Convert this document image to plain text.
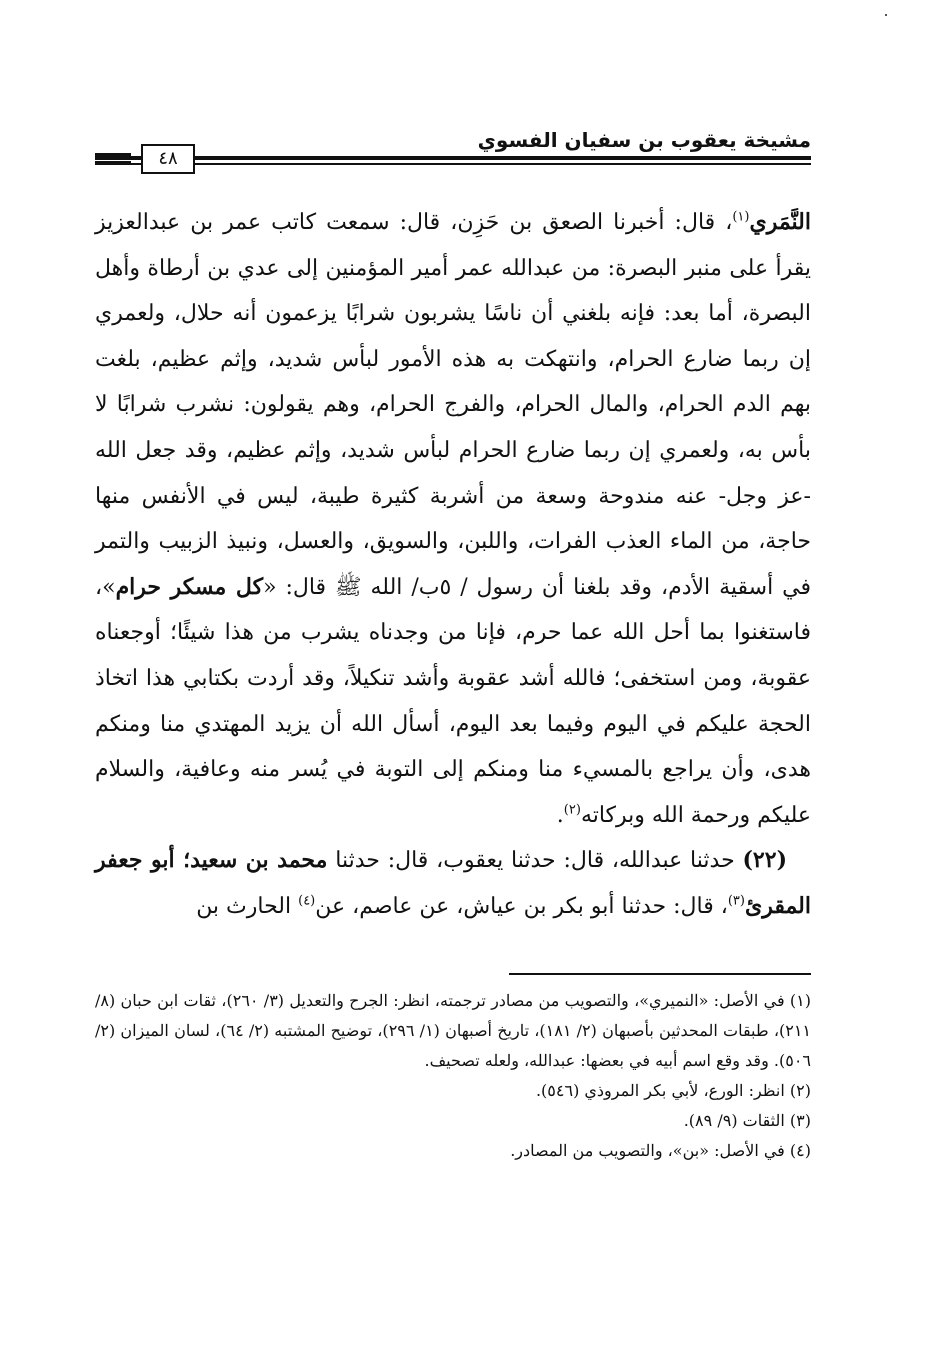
مشيخة يعقوب بن سفيان الفسوي
٤٨

النَّمَري$^{(١)}$، قال: أخبرنا الصعق بن حَزِن، قال: سمعت كاتب عمر بن عبدالعزيز يقرأ على منبر البصرة: من عبدالله عمر أمير المؤمنين إلى عدي بن أرطاة وأهل البصرة، أما بعد: فإنه بلغني أن ناسًا يشربون شرابًا يزعمون أنه حلال، ولعمري إن ربما ضارع الحرام، وانتهكت به هذه الأمور لبأس شديد، وإثم عظيم، بلغت بهم الدم الحرام، والمال الحرام، والفرج الحرام، وهم يقولون: نشرب شرابًا لا بأس به، ولعمري إن ربما ضارع الحرام لبأس شديد، وإثم عظيم، وقد جعل الله -عز وجل- عنه مندوحة وسعة من أشربة كثيرة طيبة، ليس في الأنفس منها حاجة، من الماء العذب الفرات، واللبن، والسويق، والعسل، ونبيذ الزبيب والتمر في أسقية الأدم، وقد بلغنا أن رسول / ٥ب/ الله ﷺ قال: «كل مسكر حرام»، فاستغنوا بما أحل الله عما حرم، فإنا من وجدناه يشرب من هذا شيئًا؛ أوجعناه عقوبة، ومن استخفى؛ فالله أشد عقوبة وأشد تنكيلاً، وقد أردت بكتابي هذا اتخاذ الحجة عليكم في اليوم وفيما بعد اليوم، أسأل الله أن يزيد المهتدي منا ومنكم هدى، وأن يراجع بالمسيء منا ومنكم إلى التوبة في يُسر منه وعافية، والسلام عليكم ورحمة الله وبركاته$^{(٢)}$.

(٢٢) حدثنا عبدالله، قال: حدثنا يعقوب، قال: حدثنا محمد بن سعيد؛ أبو جعفر المقرئ$^{(٣)}$، قال: حدثنا أبو بكر بن عياش، عن عاصم، عن$^{(٤)}$ الحارث بن

(١) في الأصل: «النميري»، والتصويب من مصادر ترجمته، انظر: الجرح والتعديل (٣/ ٢٦٠)، ثقات ابن حبان (٨/ ٢١١)، طبقات المحدثين بأصبهان (٢/ ١٨١)، تاريخ أصبهان (١/ ٢٩٦)، توضيح المشتبه (٢/ ٦٤)، لسان الميزان (٢/ ٥٠٦). وقد وقع اسم أبيه في بعضها: عبدالله، ولعله تصحيف.

(٢) انظر: الورع، لأبي بكر المروذي (٥٤٦).

(٣) الثقات (٩/ ٨٩).

(٤) في الأصل: «بن»، والتصويب من المصادر.
